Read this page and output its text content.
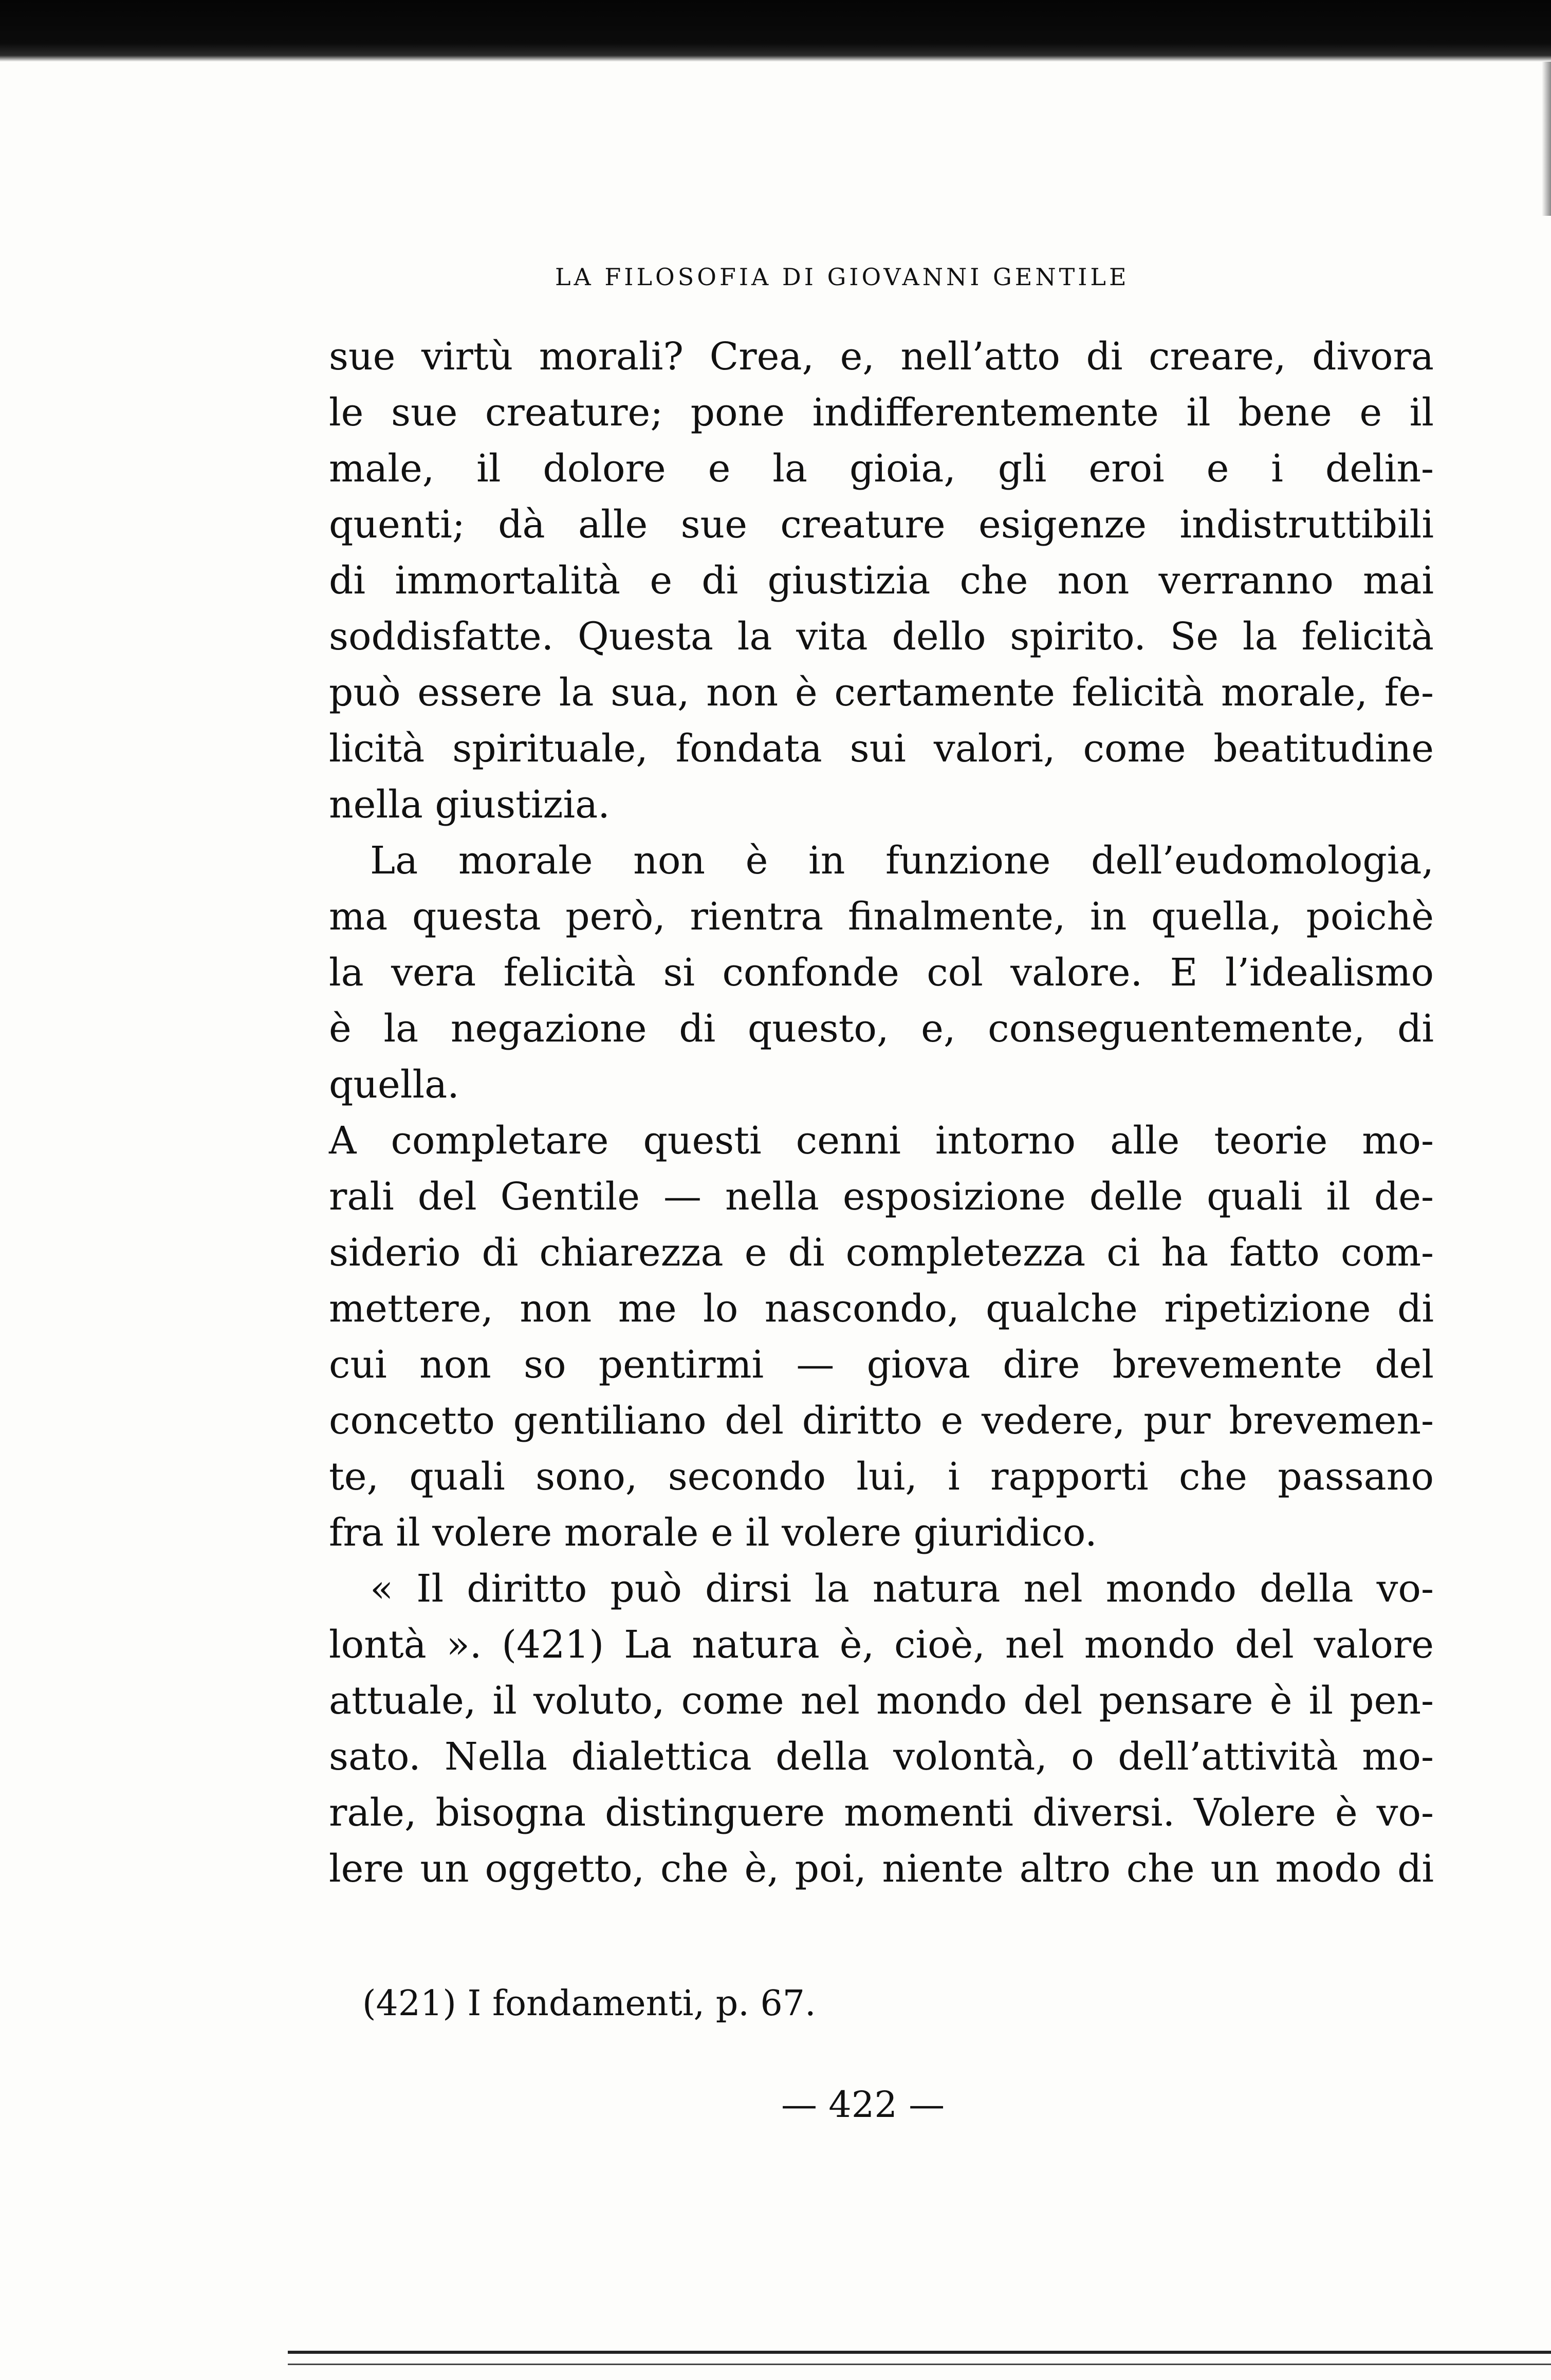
LA FILOSOFIA DI GIOVANNI GENTILE
sue virtù morali? Crea, e, nell’atto di creare, divora
le sue creature; pone indifferentemente il bene e il
male, il dolore e la gioia, gli eroi e i delin-
quenti; dà alle sue creature esigenze indistruttibili
di immortalità e di giustizia che non verranno mai
soddisfatte. Questa la vita dello spirito. Se la felicità
può essere la sua, non è certamente felicità morale, fe-
licità spirituale, fondata sui valori, come beatitudine
nella giustizia.
La morale non è in funzione dell’eudomologia,
ma questa però, rientra finalmente, in quella, poichè
la vera felicità si confonde col valore. E l’idealismo
è la negazione di questo, e, conseguentemente, di
quella.
A completare questi cenni intorno alle teorie mo-
rali del Gentile — nella esposizione delle quali il de-
siderio di chiarezza e di completezza ci ha fatto com-
mettere, non me lo nascondo, qualche ripetizione di
cui non so pentirmi — giova dire brevemente del
concetto gentiliano del diritto e vedere, pur brevemen-
te, quali sono, secondo lui, i rapporti che passano
fra il volere morale e il volere giuridico.
« Il diritto può dirsi la natura nel mondo della vo-
lontà ». (421) La natura è, cioè, nel mondo del valore
attuale, il voluto, come nel mondo del pensare è il pen-
sato. Nella dialettica della volontà, o dell’attività mo-
rale, bisogna distinguere momenti diversi. Volere è vo-
lere un oggetto, che è, poi, niente altro che un modo di
(421) I fondamenti, p. 67.
— 422 —
